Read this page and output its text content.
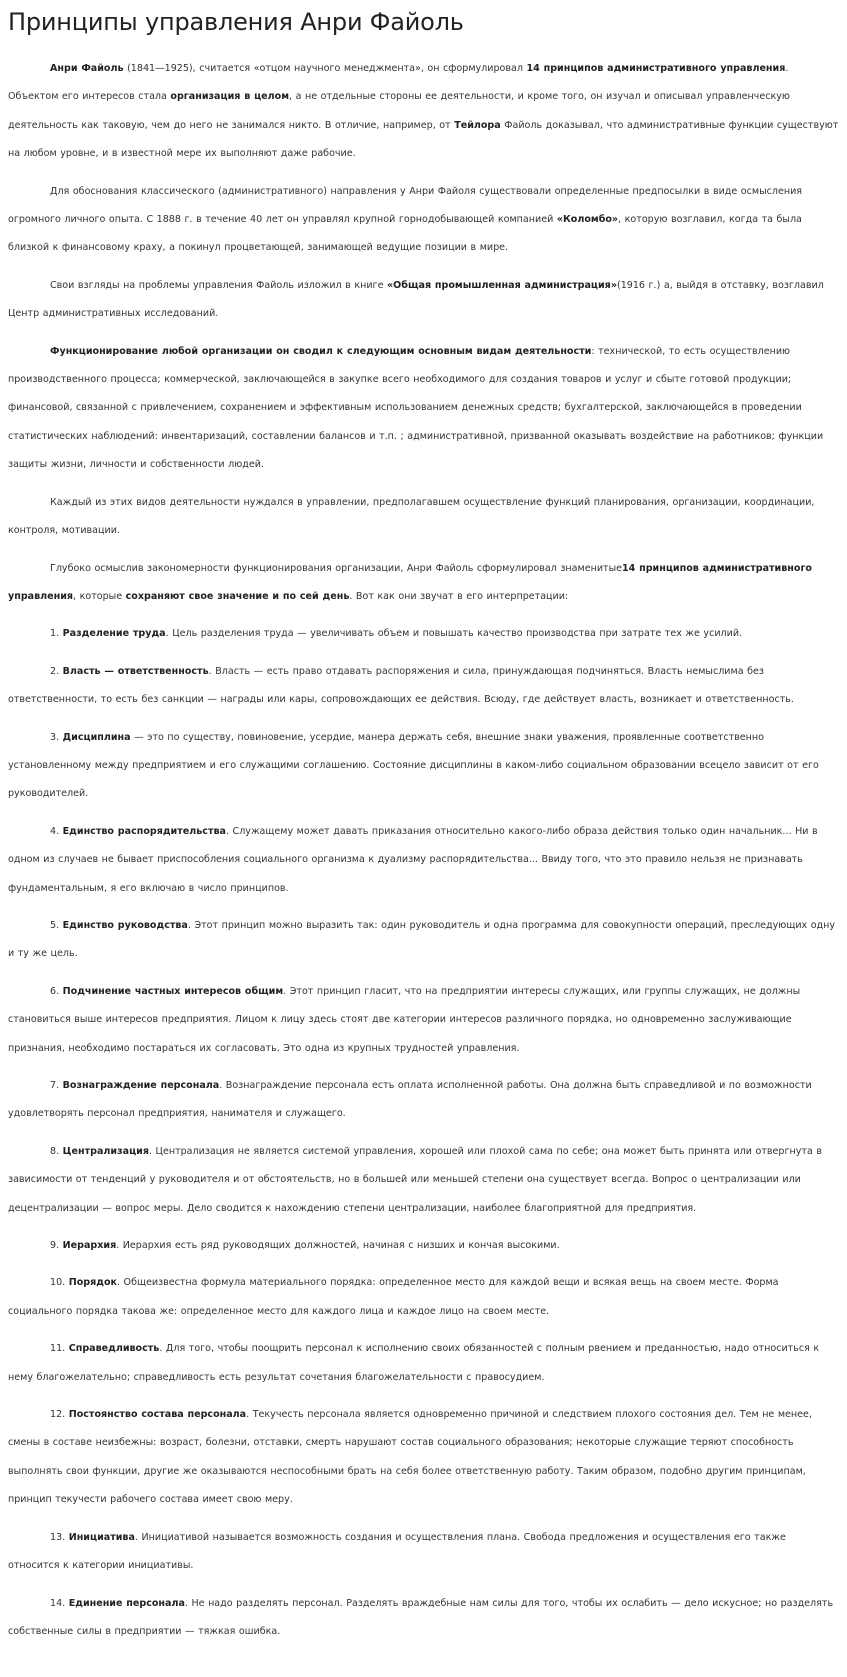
Принципы управления Анри Файоль

Анри Файоль (1841—1925), считается «отцом научного менеджмента», он сформулировал 14 принципов административного управления. Объектом его интересов стала организация в целом, а не отдельные стороны ее деятельности, и кроме того, он изучал и описывал управленческую деятельность как таковую, чем до него не занимался никто. В отличие, например, от Тейлора Файоль доказывал, что административные функции существуют на любом уровне, и в известной мере их выполняют даже рабочие.

Для обоснования классического (административного) направления у Анри Файоля существовали определенные предпосылки в виде осмысления огромного личного опыта. С 1888 г. в течение 40 лет он управлял крупной горнодобывающей компанией «Коломбо», которую возглавил, когда та была близкой к финансовому краху, а покинул процветающей, занимающей ведущие позиции в мире.

Свои взгляды на проблемы управления Файоль изложил в книге «Общая промышленная администрация»(1916 г.) а, выйдя в отставку, возглавил Центр административных исследований.

Функционирование любой организации он сводил к следующим основным видам деятельности: технической, то есть осуществлению производственного процесса; коммерческой, заключающейся в закупке всего необходимого для создания товаров и услуг и сбыте готовой продукции; финансовой, связанной с привлечением, сохранением и эффективным использованием денежных средств; бухгалтерской, заключающейся в проведении статистических наблюдений: инвентаризаций, составлении балансов и т.п. ; административной, призванной оказывать воздействие на работников; функции защиты жизни, личности и собственности людей.

Каждый из этих видов деятельности нуждался в управлении, предполагавшем осуществление функций планирования, организации, координации, контроля, мотивации.

Глубоко осмыслив закономерности функционирования организации, Анри Файоль сформулировал знаменитые14 принципов административного управления, которые сохраняют свое значение и по сей день. Вот как они звучат в его интерпретации:

1. Разделение труда. Цель разделения труда — увеличивать объем и повышать качество производства при затрате тех же усилий.

2. Власть — ответственность. Власть — есть право отдавать распоряжения и сила, принуждающая подчиняться. Власть немыслима без ответственности, то есть без санкции — награды или кары, сопровождающих ее действия. Всюду, где действует власть, возникает и ответственность.

3. Дисциплина — это по существу, повиновение, усердие, манера держать себя, внешние знаки уважения, проявленные соответственно установленному между предприятием и его служащими соглашению. Состояние дисциплины в каком-либо социальном образовании всецело зависит от его руководителей.

4. Единство распорядительства. Служащему может давать приказания относительно какого-либо образа действия только один начальник... Ни в одном из случаев не бывает приспособления социального организма к дуализму распорядительства... Ввиду того, что это правило нельзя не признавать фундаментальным, я его включаю в число принципов.

5. Единство руководства. Этот принцип можно выразить так: один руководитель и одна программа для совокупности операций, преследующих одну и ту же цель.

6. Подчинение частных интересов общим. Этот принцип гласит, что на предприятии интересы служащих, или группы служащих, не должны становиться выше интересов предприятия. Лицом к лицу здесь стоят две категории интересов различного порядка, но одновременно заслуживающие признания, необходимо постараться их согласовать. Это одна из крупных трудностей управления.

7. Вознаграждение персонала. Вознаграждение персонала есть оплата исполненной работы. Она должна быть справедливой и по возможности удовлетворять персонал предприятия, нанимателя и служащего.

8. Централизация. Централизация не является системой управления, хорошей или плохой сама по себе; она может быть принята или отвергнута в зависимости от тенденций у руководителя и от обстоятельств, но в большей или меньшей степени она существует всегда. Вопрос о централизации или децентрализации — вопрос меры. Дело сводится к нахождению степени централизации, наиболее благоприятной для предприятия.

9. Иерархия. Иерархия есть ряд руководящих должностей, начиная с низших и кончая высокими.

10. Порядок. Общеизвестна формула материального порядка: определенное место для каждой вещи и всякая вещь на своем месте. Форма социального порядка такова же: определенное место для каждого лица и каждое лицо на своем месте.

11. Справедливость. Для того, чтобы поощрить персонал к исполнению своих обязанностей с полным рвением и преданностью, надо относиться к нему благожелательно; справедливость есть результат сочетания благожелательности с правосудием.

12. Постоянство состава персонала. Текучесть персонала является одновременно причиной и следствием плохого состояния дел. Тем не менее, смены в составе неизбежны: возраст, болезни, отставки, смерть нарушают состав социального образования; некоторые служащие теряют способность выполнять свои функции, другие же оказываются неспособными брать на себя более ответственную работу. Таким образом, подобно другим принципам, принцип текучести рабочего состава имеет свою меру.

13. Инициатива. Инициативой называется возможность создания и осуществления плана. Свобода предложения и осуществления его также относится к категории инициативы.

14. Единение персонала. Не надо разделять персонал. Разделять враждебные нам силы для того, чтобы их ослабить — дело искусное; но разделять собственные силы в предприятии — тяжкая ошибка.
